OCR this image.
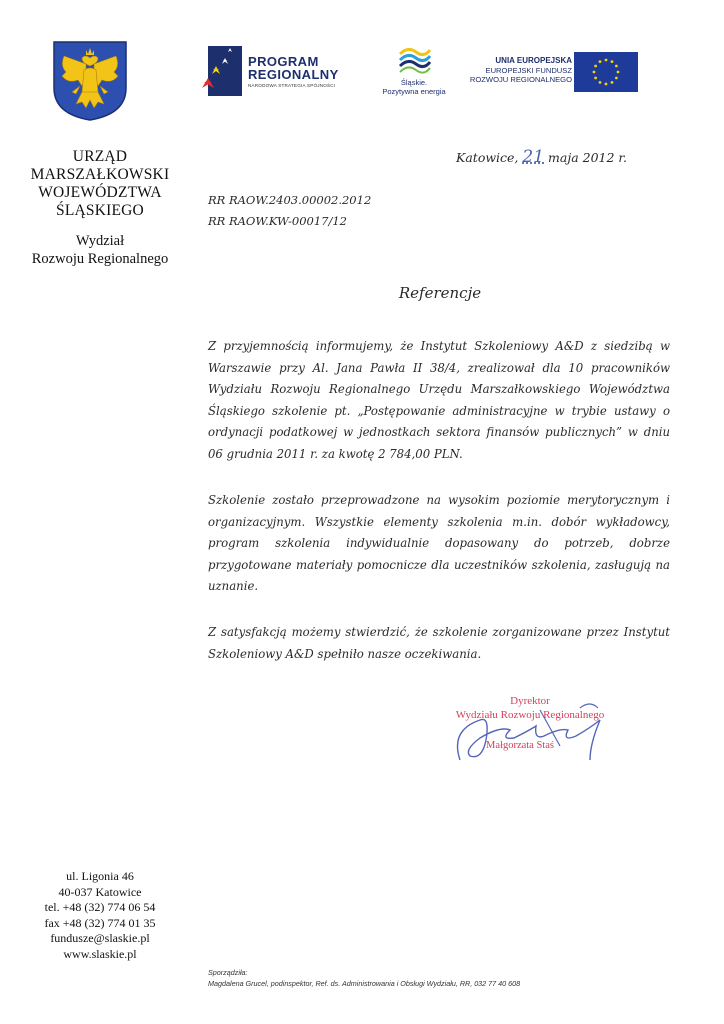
URZĄD
MARSZAŁKOWSKI
WOJEWÓDZTWA
ŚLĄSKIEGO
Wydział
Rozwoju Regionalnego
PROGRAM
REGIONALNY
NARODOWA STRATEGIA SPÓJNOŚCI	Śląskie.
Pozytywna energia
UNIA EUROPEJSKA
EUROPEJSKI FUNDUSZ
ROZWOJU REGIONALNEGO
Katowice, 21 maja 2012 r.
RR RAOW.2403.00002.2012
RR RAOW.KW-00017/12
Referencje
Z przyjemnością informujemy, że Instytut Szkoleniowy A&D z siedzibą w Warszawie przy Al. Jana Pawła II 38/4, zrealizował dla 10 pracowników Wydziału Rozwoju Regionalnego Urzędu Marszałkowskiego Województwa Śląskiego szkolenie pt. „Postępowanie administracyjne w trybie ustawy o ordynacji podatkowej w jednostkach sektora finansów publicznych” w dniu 06 grudnia 2011 r. za kwotę 2 784,00 PLN.
Szkolenie zostało przeprowadzone na wysokim poziomie merytorycznym i organizacyjnym. Wszystkie elementy szkolenia m.in. dobór wykładowcy, program szkolenia indywidualnie dopasowany do potrzeb, dobrze przygotowane materiały pomocnicze dla uczestników szkolenia, zasługują na uznanie.
Z satysfakcją możemy stwierdzić, że szkolenie zorganizowane przez Instytut Szkoleniowy A&D spełniło nasze oczekiwania.
Dyrektor
Wydziału Rozwoju Regionalnego
Małgorzata Staś
ul. Ligonia 46
40-037 Katowice
tel. +48 (32) 774 06 54
fax +48 (32) 774 01 35
fundusze@slaskie.pl
www.slaskie.pl
Sporządziła:
Magdalena Grucel, podinspektor, Ref. ds. Administrowania i Obsługi Wydziału, RR, 032 77 40 608
